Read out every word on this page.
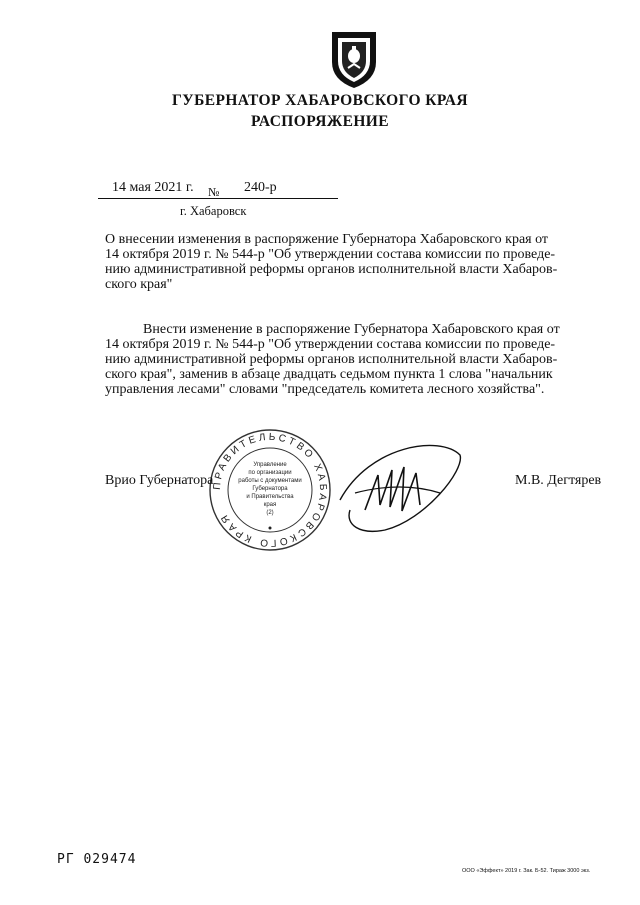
ГУБЕРНАТОР ХАБАРОВСКОГО КРАЯ
РАСПОРЯЖЕНИЕ
14 мая 2021 г. № 240-р
г. Хабаровск
О внесении изменения в распоряжение Губернатора Хабаровского края от
14 октября 2019 г. № 544-р "Об утверждении состава комиссии по проведе-
нию административной реформы органов исполнительной власти Хабаров-
ского края"
Внести изменение в распоряжение Губернатора Хабаровского края от
14 октября 2019 г. № 544-р "Об утверждении состава комиссии по проведе-
нию административной реформы органов исполнительной власти Хабаров-
ского края", заменив в абзаце двадцать седьмом пункта 1 слова "начальник
управления лесами" словами "председатель комитета лесного хозяйства".
ПРАВИТЕЛЬСТВО ХАБАРОВСКОГО КРАЯ
Управление
по организации
работы с документами
Губернатора
и Правительства
края
(2)
Врио Губернатора	М.В. Дегтярев
РГ 029474
ООО «Эффект» 2019 г. Зак. Б-52. Тираж 3000 экз.
